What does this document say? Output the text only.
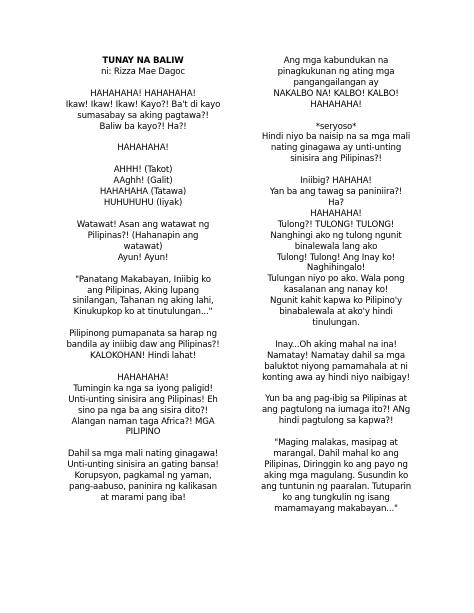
TUNAY NA BALIW
ni: Rizza Mae Dagoc
HAHAHAHA! HAHAHAHA!
Ikaw! Ikaw! Ikaw! Kayo?! Ba't di kayo
sumasabay sa aking pagtawa?!
Baliw ba kayo?! Ha?!
HAHAHAHA!
AHHH! (Takot)
AAghh! (Galit)
HAHAHAHA (Tatawa)
HUHUHUHU (Iiyak)
Watawat! Asan ang watawat ng
Pilipinas?! (Hahanapin ang
watawat)
Ayun! Ayun!
"Panatang Makabayan, Iniibig ko
ang Pilipinas, Aking lupang
sinilangan, Tahanan ng aking lahi,
Kinukupkop ko at tinutulungan..."
Pilipinong pumapanata sa harap ng
bandila ay iniibig daw ang Pilipinas?!
KALOKOHAN! Hindi lahat!
HAHAHAHA!
Tumingin ka nga sa iyong paligid!
Unti-unting sinisira ang Pilipinas! Eh
sino pa nga ba ang sisira dito?!
Alangan naman taga Africa?! MGA
PILIPINO
Dahil sa mga mali nating ginagawa!
Unti-unting sinisira an gating bansa!
Korupsyon, pagkamal ng yaman,
pang-aabuso, paninira ng kalikasan
at marami pang iba!
Ang mga kabundukan na
pinagkukunan ng ating mga
pangangailangan ay
NAKALBO NA! KALBO! KALBO!
HAHAHAHA!
*seryoso*
Hindi niyo ba naisip na sa mga mali
nating ginagawa ay unti-unting
sinisira ang Pilipinas?!
Iniibig? HAHAHA!
Yan ba ang tawag sa paniniira?!
Ha?
HAHAHAHA!
Tulong?! TULONG! TULONG!
Nanghingi ako ng tulong ngunit
binalewala lang ako
Tulong! Tulong! Ang Inay ko!
Naghihingalo!
Tulungan niyo po ako. Wala pong
kasalanan ang nanay ko!
Ngunit kahit kapwa ko Pilipino'y
binabalewala at ako'y hindi
tinulungan.
Inay...Oh aking mahal na ina!
Namatay! Namatay dahil sa mga
baluktot niyong pamamahala at ni
konting awa ay hindi niyo naibigay!
Yun ba ang pag-ibig sa Pilipinas at
ang pagtulong na iumaga ito?! ANg
hindi pagtulong sa kapwa?!
"Maging malakas, masipag at
marangal. Dahil mahal ko ang
Pilipinas, Diringgin ko ang payo ng
aking mga magulang. Susundin ko
ang tuntunin ng paaralan. Tutuparin
ko ang tungkulin ng isang
mamamayang makabayan..."
